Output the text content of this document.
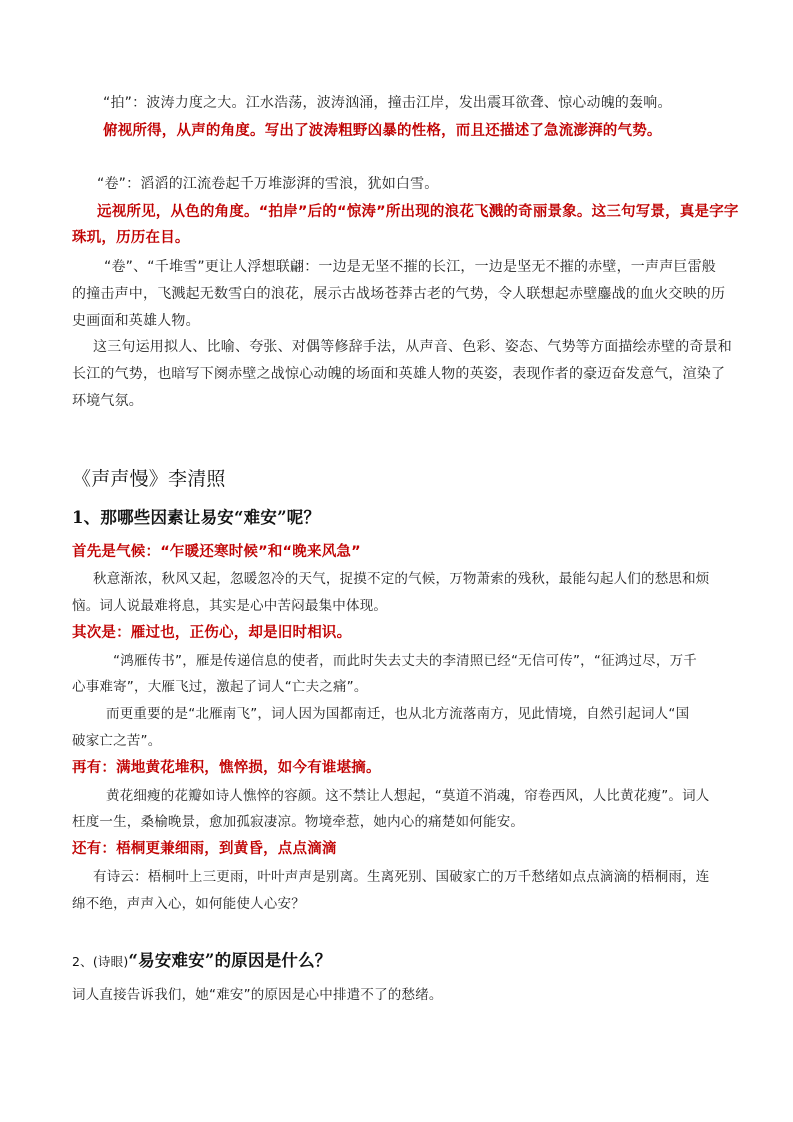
“拍”：波涛力度之大。江水浩荡，波涛汹涌，撞击江岸，发出震耳欲聋、惊心动魄的轰响。
俯视所得，从声的角度。写出了波涛粗野凶暴的性格，而且还描述了急流澎湃的气势。
“卷”：滔滔的江流卷起千万堆澎湃的雪浪，犹如白雪。
远视所见，从色的角度。“拍岸”后的“惊涛”所出现的浪花飞溅的奇丽景象。这三句写景，真是字字
珠玑，历历在目。
“卷”、“千堆雪”更让人浮想联翩：一边是无坚不摧的长江，一边是坚无不摧的赤壁，一声声巨雷般
的撞击声中，飞溅起无数雪白的浪花，展示古战场苍莽古老的气势，令人联想起赤壁鏖战的血火交映的历
史画面和英雄人物。
这三句运用拟人、比喻、夸张、对偶等修辞手法，从声音、色彩、姿态、气势等方面描绘赤壁的奇景和
长江的气势，也暗写下阕赤壁之战惊心动魄的场面和英雄人物的英姿，表现作者的豪迈奋发意气，渲染了
环境气氛。
《声声慢》李清照
1、那哪些因素让易安“难安”呢？
首先是气候：“乍暖还寒时候”和“晚来风急”
秋意渐浓，秋风又起，忽暖忽冷的天气，捉摸不定的气候，万物萧索的残秋，最能勾起人们的愁思和烦
恼。词人说最难将息，其实是心中苦闷最集中体现。
其次是：雁过也，正伤心，却是旧时相识。
“鸿雁传书”，雁是传递信息的使者，而此时失去丈夫的李清照已经“无信可传”，“征鸿过尽，万千
心事难寄”，大雁飞过，激起了词人“亡夫之痛”。
而更重要的是“北雁南飞”，词人因为国都南迁，也从北方流落南方，见此情境，自然引起词人“国
破家亡之苦”。
再有：满地黄花堆积，憔悴损，如今有谁堪摘。
黄花细瘦的花瓣如诗人憔悴的容颜。这不禁让人想起，“莫道不消魂，帘卷西风，人比黄花瘦”。词人
枉度一生，桑榆晚景，愈加孤寂凄凉。物境牵惹，她内心的痛楚如何能安。
还有：梧桐更兼细雨，到黄昏，点点滴滴
有诗云：梧桐叶上三更雨，叶叶声声是别离。生离死别、国破家亡的万千愁绪如点点滴滴的梧桐雨，连
绵不绝，声声入心，如何能使人心安？
2、(诗眼)“易安难安”的原因是什么？
词人直接告诉我们，她“难安”的原因是心中排遣不了的愁绪。
